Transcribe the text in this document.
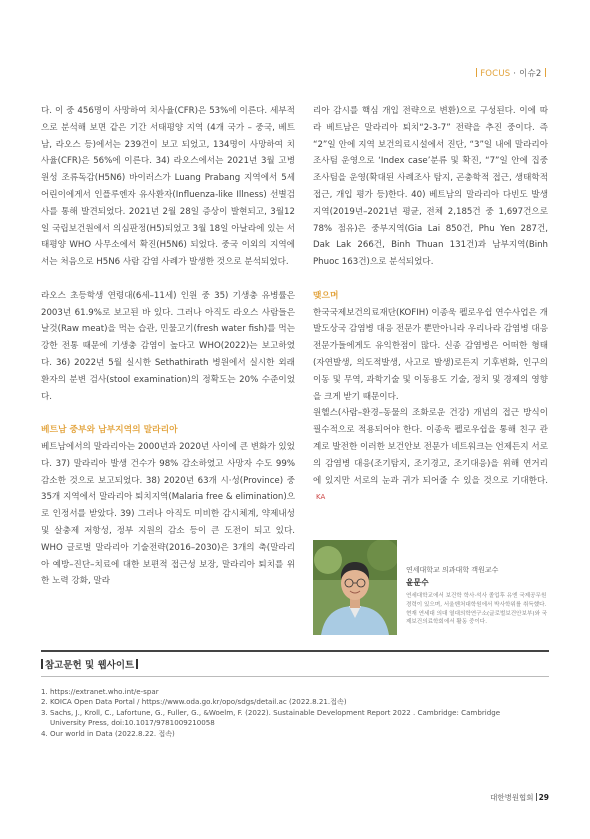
FOCUS · 이슈2

다. 이 중 456명이 사망하여 치사율(CFR)은 53%에 이른다. 세부적으로 분석해 보면 같은 기간 서태평양 지역 (4개 국가 – 중국, 베트남, 라오스 등)에서는 239건이 보고 되었고, 134명이 사망하여 치사율(CFR)은 56%에 이른다. 34) 라오스에서는 2021년 3월 고병원성 조류독감(H5N6) 바이러스가 Luang Prabang 지역에서 5세 어린이에게서 인플루엔자 유사환자(Influenza-like Illness) 선별검사를 통해 발견되었다. 2021년 2월 28일 증상이 발현되고, 3월12일 국립보건원에서 의심판정(H5)되었고 3월 18일 아날라에 있는 서태평양 WHO 사무소에서 확진(H5N6) 되었다. 중국 이외의 지역에서는 처음으로 H5N6 사람 감염 사례가 발생한 것으로 분석되었다.

라오스 초등학생 연령대(6세–11세) 인원 중 35) 기생충 유병률은 2003년 61.9%로 보고된 바 있다. 그러나 아직도 라오스 사람들은 날것(Raw meat)을 먹는 습관, 민물고기(fresh water fish)를 먹는 강한 전통 때문에 기생충 감염이 높다고 WHO(2022)는 보고하였다. 36) 2022년 5월 실시한 Sethathirath 병원에서 실시한 외래 환자의 분변 검사(stool examination)의 정확도는 20% 수준이었다.

베트남 중부와 남부지역의 말라리아

베트남에서의 말라리아는 2000년과 2020년 사이에 큰 변화가 있었다. 37) 말라리아 발생 건수가 98% 감소하였고 사망자 수도 99% 감소한 것으로 보고되었다. 38) 2020년 63개 시·성(Province) 중 35개 지역에서 말라리아 퇴치지역(Malaria free & elimination)으로 인정서를 받았다. 39) 그러나 아직도 미비한 감시체계, 약제내성 및 살충제 저항성, 정부 지원의 감소 등이 큰 도전이 되고 있다. WHO 글로벌 말라리아 기술전략(2016–2030)은 3개의 축(말라리아 예방–진단–치료에 대한 보편적 접근성 보장, 말라리아 퇴치를 위한 노력 강화, 말라

리아 감시를 핵심 개입 전략으로 변환)으로 구성된다. 이에 따라 베트남은 말라리아 퇴치“2-3-7” 전략을 추진 중이다. 즉 “2”일 안에 지역 보건의료시설에서 진단, “3”일 내에 말라리아 조사팀 운영으로 ‘Index case’분류 및 확진, “7”일 안에 집중 조사팀을 운영(확대된 사례조사 탐지, 곤충학적 접근, 생태학적 접근, 개입 평가 등)한다. 40) 베트남의 말라리아 다빈도 발생지역(2019년–2021년 평균, 전체 2,185건 중 1,697건으로 78% 점유)은 중부지역(Gia Lai 850건, Phu Yen 287건, Dak Lak 266건, Binh Thuan 131건)과 남부지역(Binh Phuoc 163건)으로 분석되었다.

맺으며

한국국제보건의료재단(KOFIH) 이종욱 펠로우쉽 연수사업은 개발도상국 감염병 대응 전문가 뿐만아니라 우리나라 감염병 대응 전문가들에게도 유익한점이 많다. 신종 감염병은 어떠한 형태(자연발생, 의도적발생, 사고로 발생)로든지 기후변화, 인구의 이동 및 무역, 과학기술 및 이동용도 기술, 정치 및 경제의 영향을 크게 받기 때문이다.

원헬스(사람–환경–동물의 조화로운 건강) 개념의 접근 방식이 필수적으로 적용되어야 한다. 이종욱 펠로우쉽을 통해 친구 관계로 발전한 이러한 보건안보 전문가 네트워크는 언제든지 서로의 감염병 대응(조기탐지, 조기경고, 조기대응)을 위해 연거리에 있지만 서로의 눈과 귀가 되어줄 수 있을 것으로 기대한다.KA

연세대학교 의과대학 객원교수
윤문수
연세대학교에서 보건학 학사·석사 졸업후 유엔 국제공무원 경력이 있으며, 서울벤처대학원에서 박사학위를 취득했다. 현재 연세대 의대 열대의학연구소(글로벌보건안보부)와 국제보건의료학회에서 활동 중이다.
참고문헌 및 웹사이트
1. https://extranet.who.int/e-spar
2. KOICA Open Data Portal / https://www.oda.go.kr/opo/sdgs/detail.ac (2022.8.21.접속)
3. Sachs, J., Kroll, C., Lafortune, G., Fuller, G., &Woelm, F. (2022). Sustainable Development Report 2022 . Cambridge: Cambridge
University Press, doi:10.1017/9781009210058
4. Our world in Data (2022.8.22. 접속)
대한병원협회 29
